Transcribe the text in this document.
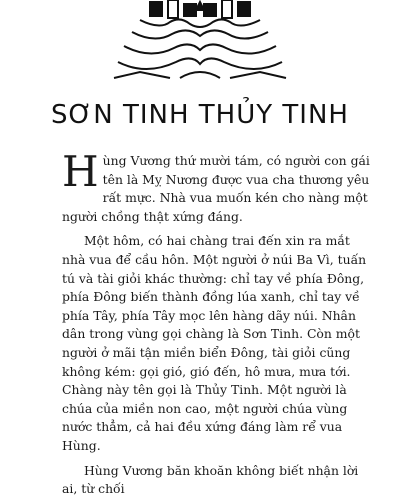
SƠN TINH THỦY TINH

H ùng Vương thứ mười tám, có người con gái tên là Mỵ Nương được vua cha thương yêu rất mực. Nhà vua muốn kén cho nàng một người chồng thật xứng đáng.

Một hôm, có hai chàng trai đến xin ra mắt nhà vua để cầu hôn. Một người ở núi Ba Vì, tuấn tú và tài giỏi khác thường: chỉ tay về phía Đông, phía Đông biến thành đồng lúa xanh, chỉ tay về phía Tây, phía Tây mọc lên hàng dãy núi. Nhân dân trong vùng gọi chàng là Sơn Tinh. Còn một người ở mãi tận miền biển Đông, tài giỏi cũng không kém: gọi gió, gió đến, hô mưa, mưa tới. Chàng này tên gọi là Thủy Tinh. Một người là chúa của miền non cao, một người chúa vùng nước thẳm, cả hai đều xứng đáng làm rể vua Hùng.

Hùng Vương băn khoăn không biết nhận lời ai, từ chối
